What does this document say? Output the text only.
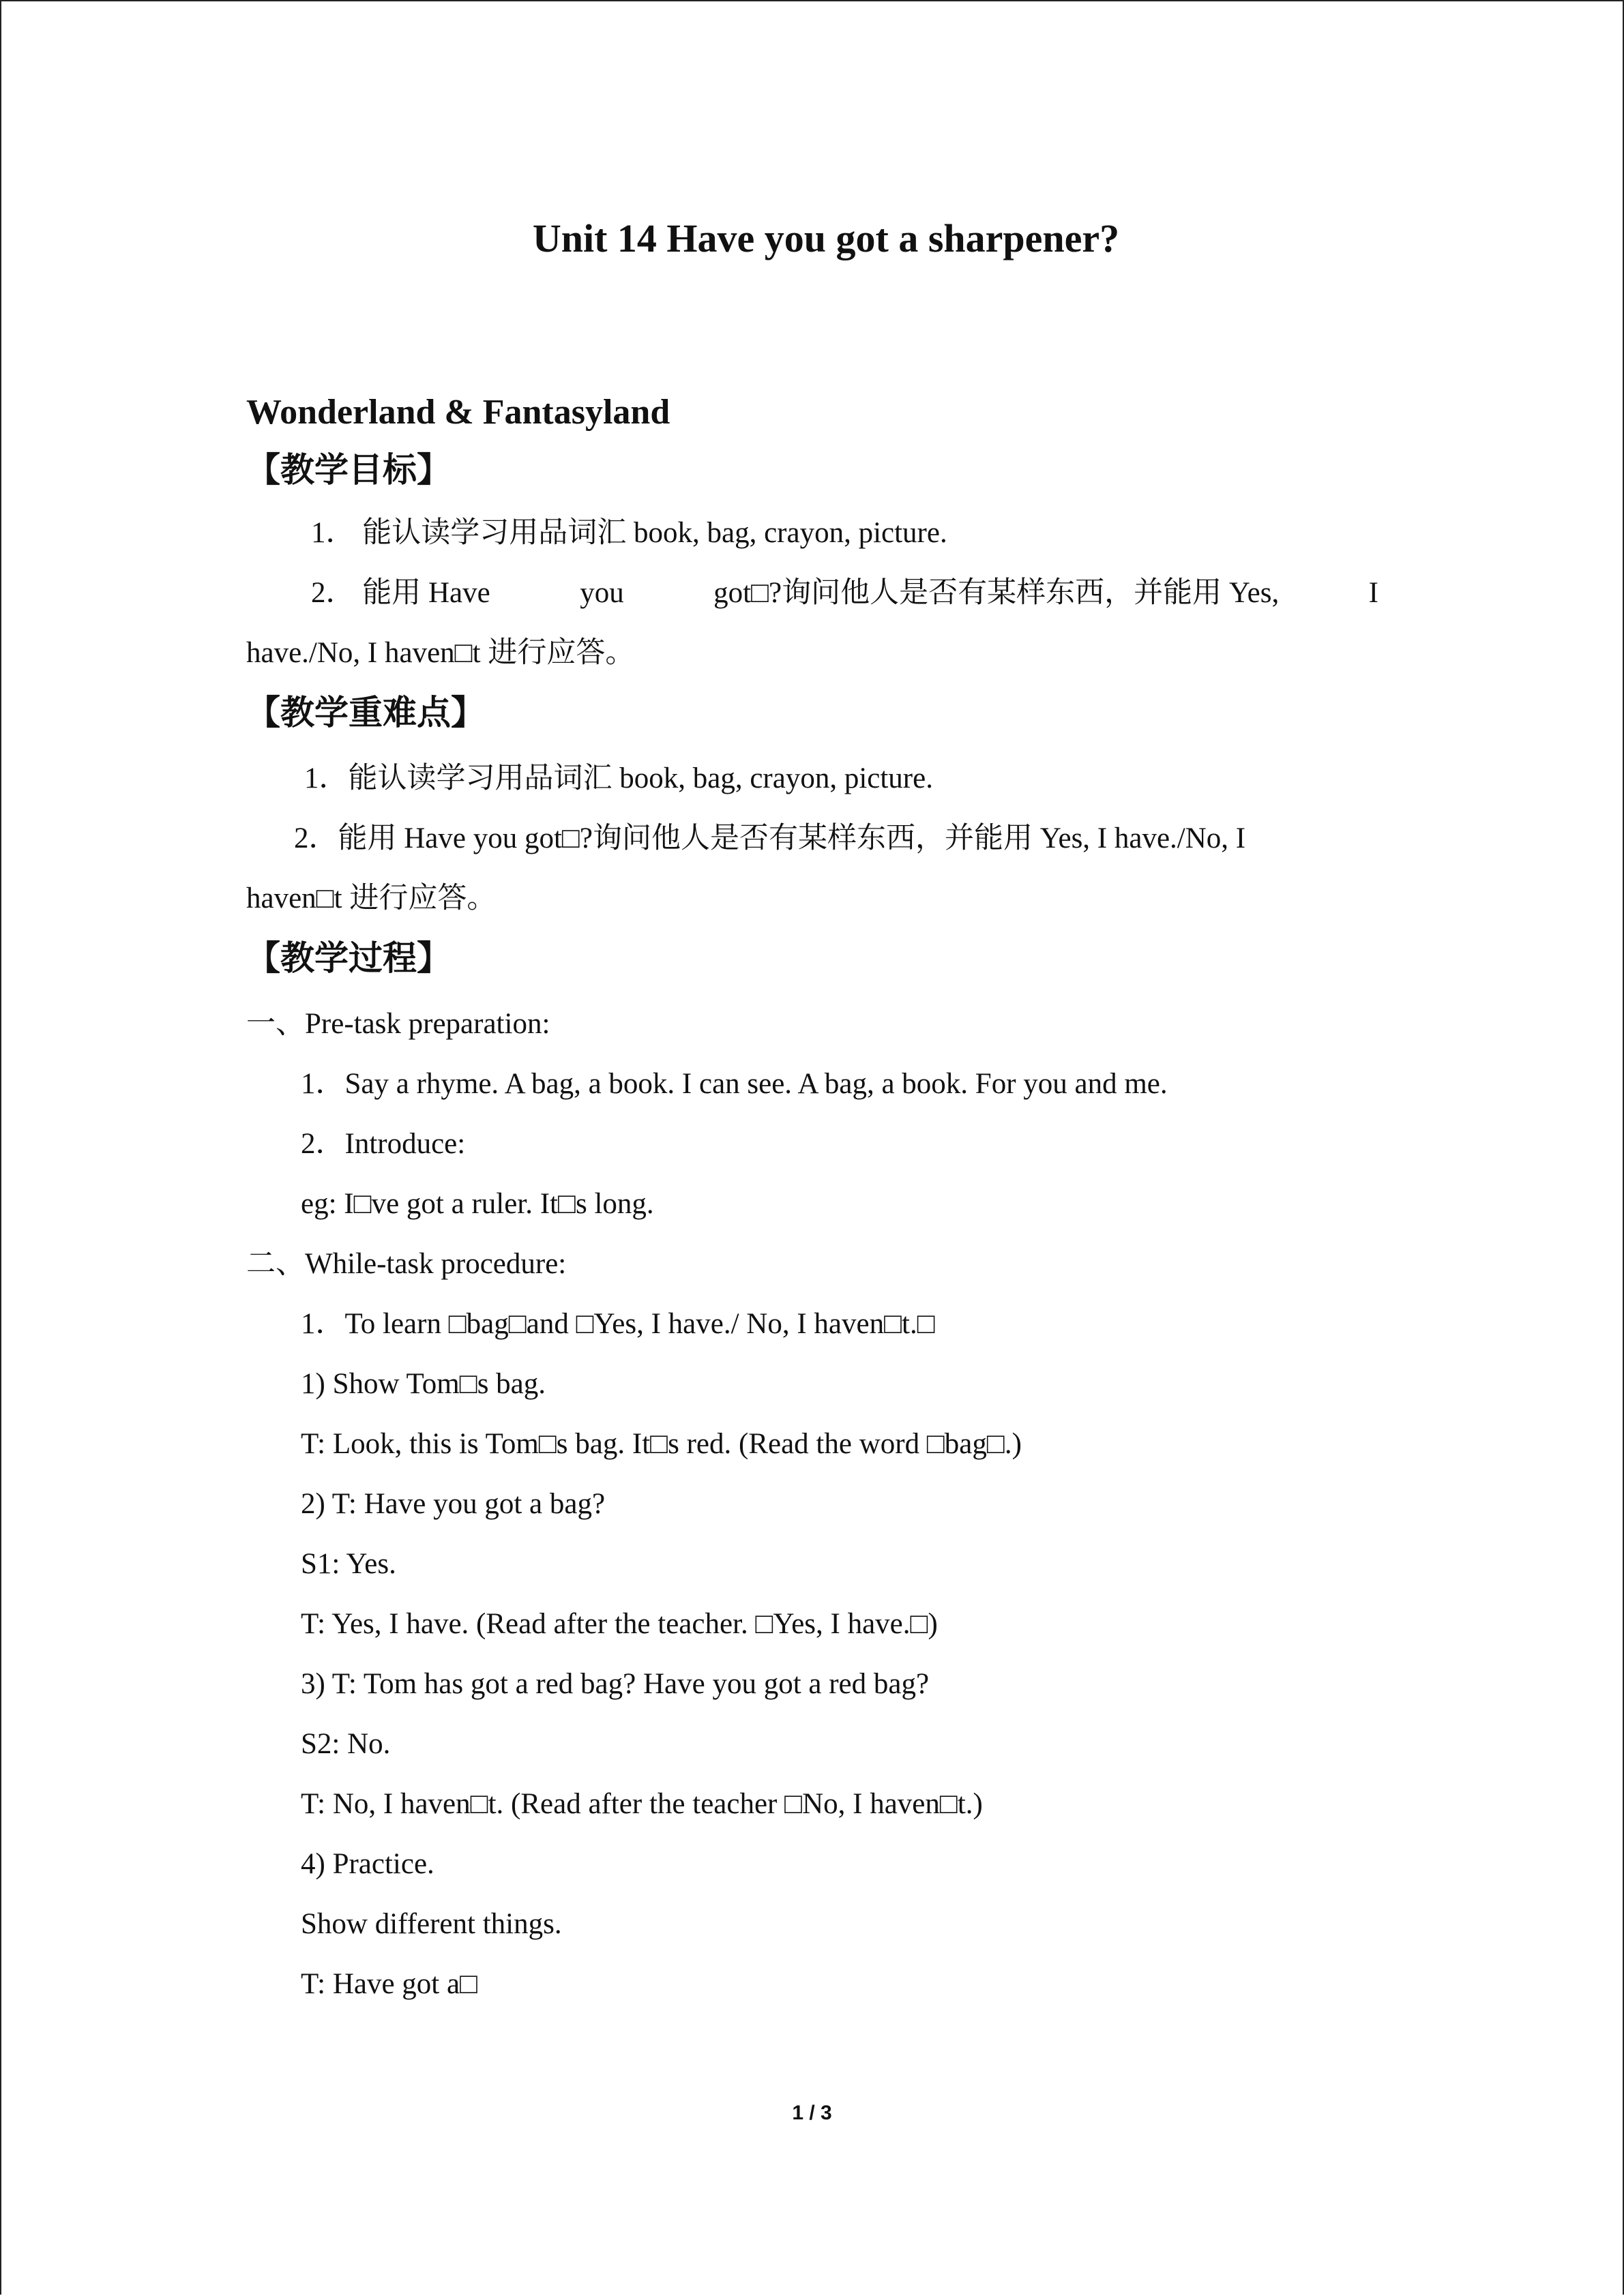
Unit 14 Have you got a sharpener?
Wonderland & Fantasyland
【教学目标】
1． 能认读学习用品词汇 book, bag, crayon, picture.
2． 能用 Have	you	got□?询问他人是否有某样东西，并能用 Yes,	I
have./No, I haven□t 进行应答。
【教学重难点】
1．能认读学习用品词汇 book, bag, crayon, picture.
2．能用 Have you got□?询问他人是否有某样东西，并能用 Yes, I have./No, I
haven□t 进行应答。
【教学过程】
一、Pre-task preparation:
1．Say a rhyme. A bag, a book. I can see. A bag, a book. For you and me.
2．Introduce:
eg: I□ve got a ruler. It□s long.
二、While-task procedure:
1．To learn □bag□and □Yes, I have./ No, I haven□t.□
1) Show Tom□s bag.
T: Look, this is Tom□s bag. It□s red. (Read the word □bag□.)
2) T: Have you got a bag?
S1: Yes.
T: Yes, I have. (Read after the teacher. □Yes, I have.□)
3) T: Tom has got a red bag? Have you got a red bag?
S2: No.
T: No, I haven□t. (Read after the teacher □No, I haven□t.)
4) Practice.
Show different things.
T: Have got a□
1 / 3
